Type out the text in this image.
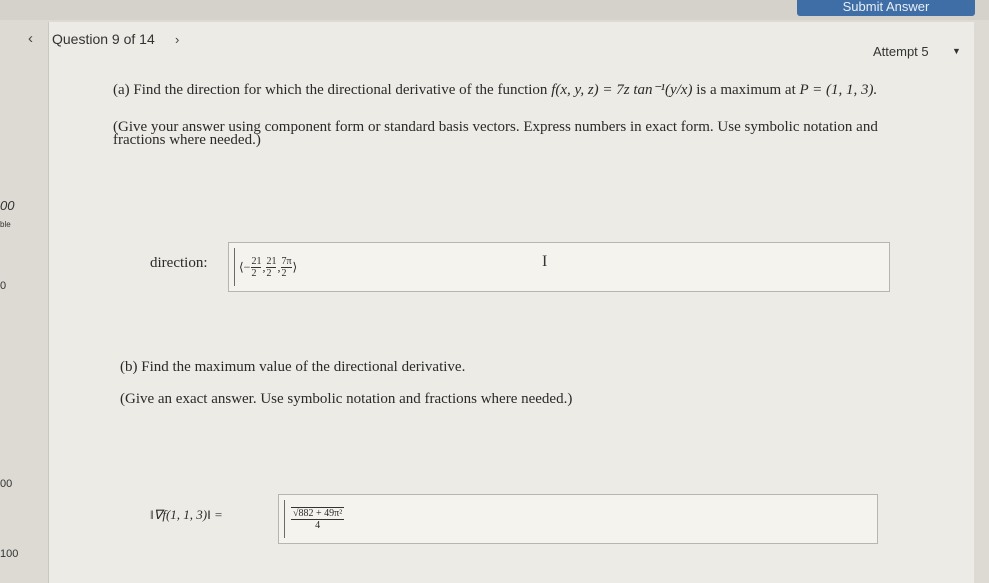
Submit Answer
00
ble
0
00
100
‹ Question 9 of 14 ›
Attempt 5	▼
(a) Find the direction for which the directional derivative of the function f(x, y, z) = 7z tan⁻¹(y/x) is a maximum at P = (1, 1, 3).
(Give your answer using component form or standard basis vectors. Express numbers in exact form. Use symbolic notation and
fractions where needed.)
direction:	⟨− $\frac{21}{2}$ , $\frac{21}{2}$ , $\frac{7\pi}{2}$ ⟩	I
(b) Find the maximum value of the directional derivative.
(Give an exact answer. Use symbolic notation and fractions where needed.)
‖∇f(1, 1, 3)‖ =	$\frac{\text{√882 + 49π²}}{4}$
